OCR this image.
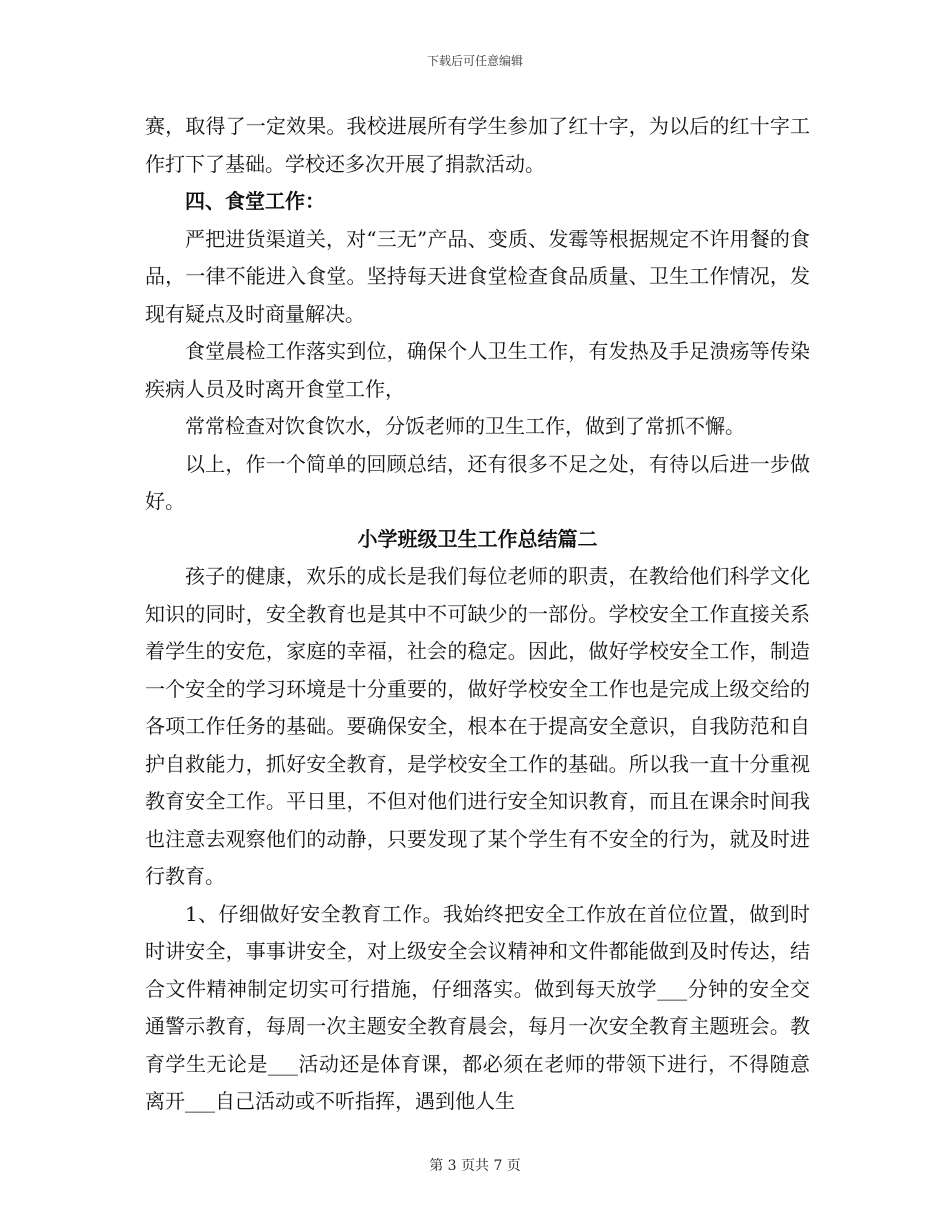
下载后可任意编辑

赛，取得了一定效果。我校进展所有学生参加了红十字，为以后的红十字工作打下了基础。学校还多次开展了捐款活动。

四、食堂工作：

严把进货渠道关，对“三无”产品、变质、发霉等根据规定不许用餐的食品，一律不能进入食堂。坚持每天进食堂检查食品质量、卫生工作情况，发现有疑点及时商量解决。

食堂晨检工作落实到位，确保个人卫生工作，有发热及手足溃疡等传染疾病人员及时离开食堂工作，

常常检查对饮食饮水，分饭老师的卫生工作，做到了常抓不懈。

以上，作一个简单的回顾总结，还有很多不足之处，有待以后进一步做好。

小学班级卫生工作总结篇二

孩子的健康，欢乐的成长是我们每位老师的职责，在教给他们科学文化知识的同时，安全教育也是其中不可缺少的一部份。学校安全工作直接关系着学生的安危，家庭的幸福，社会的稳定。因此，做好学校安全工作，制造一个安全的学习环境是十分重要的，做好学校安全工作也是完成上级交给的各项工作任务的基础。要确保安全，根本在于提高安全意识，自我防范和自护自救能力，抓好安全教育，是学校安全工作的基础。所以我一直十分重视教育安全工作。平日里，不但对他们进行安全知识教育，而且在课余时间我也注意去观察他们的动静，只要发现了某个学生有不安全的行为，就及时进行教育。

1、仔细做好安全教育工作。我始终把安全工作放在首位位置，做到时时讲安全，事事讲安全，对上级安全会议精神和文件都能做到及时传达，结合文件精神制定切实可行措施，仔细落实。做到每天放学___分钟的安全交通警示教育，每周一次主题安全教育晨会，每月一次安全教育主题班会。教育学生无论是___活动还是体育课，都必须在老师的带领下进行，不得随意离开___自己活动或不听指挥，遇到他人生

第 3 页共 7 页
